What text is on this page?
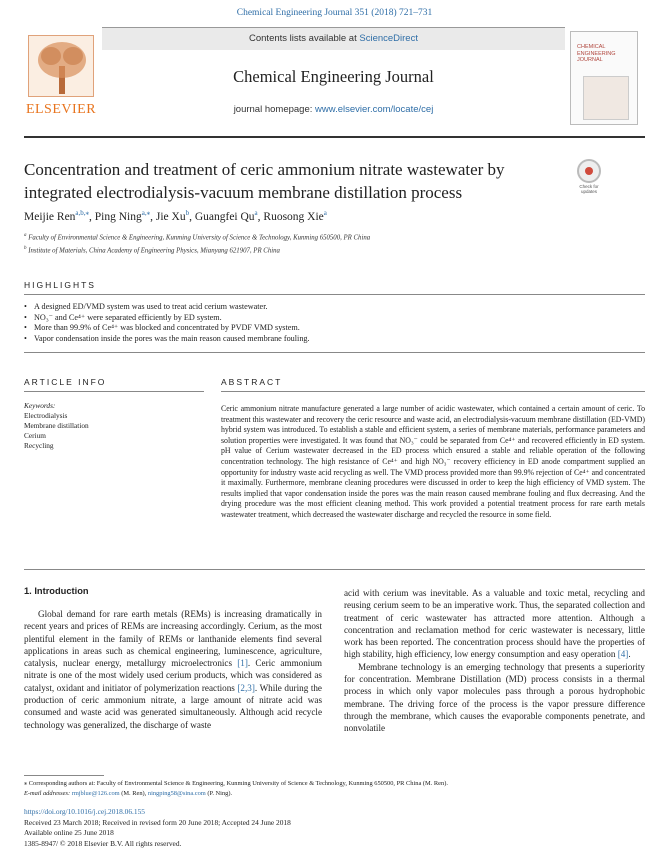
Chemical Engineering Journal 351 (2018) 721–731
ELSEVIER
Contents lists available at ScienceDirect
Chemical Engineering Journal
journal homepage: www.elsevier.com/locate/cej
CHEMICAL ENGINEERING JOURNAL
Concentration and treatment of ceric ammonium nitrate wastewater by integrated electrodialysis-vacuum membrane distillation process	Check for updates
Meijie Ren$^{a,b,⁎}$, Ping Ning$^{a,⁎}$, Jie Xu$^b$, Guangfei Qu$^a$, Ruosong Xie$^a$
$^a$ Faculty of Environmental Science & Engineering, Kunming University of Science & Technology, Kunming 650500, PR China
$^b$ Institute of Materials, China Academy of Engineering Physics, Mianyang 621907, PR China
HIGHLIGHTS
• A designed ED/VMD system was used to treat acid cerium wastewater.
• NO₃⁻ and Ce⁴⁺ were separated efficiently by ED system.
• More than 99.9% of Ce⁴⁺ was blocked and concentrated by PVDF VMD system.
• Vapor condensation inside the pores was the main reason caused membrane fouling.
ARTICLE INFO
Keywords:
Electrodialysis
Membrane distillation
Cerium
Recycling
ABSTRACT
Ceric ammonium nitrate manufacture generated a large number of acidic wastewater, which contained a certain amount of ceric. To treatment this wastewater and recovery the ceric resource and waste acid, an electrodialysis-vacuum membrane distillation (ED-VMD) hybrid system was introduced. To establish a stable and efficient system, a series of membrane materials, performance parameters and solution properties were investigated. It was found that NO₃⁻ could be separated from Ce⁴⁺ and recovered efficiently in ED system. pH value of Cerium wastewater decreased in the ED process which ensured a stable and reliable operation of the following concentration technology. The high resistance of Ce⁴⁺ and high NO₃⁻ recovery efficiency in ED anode compartment supplied an opportunity for industry waste acid recycling as well. The VMD process provided more than 99.9% rejection of Ce⁴⁺ and concentrated it maximally. Furthermore, membrane cleaning procedures were discussed in order to keep the high efficiency of VMD system. The results implied that vapor condensation inside the pores was the main reason caused membrane fouling and flux decreasing. And the drying procedure was the most efficient cleaning method. This work provided a potential treatment process for rare earth metals wastewater treatment, which decreased the wastewater discharge and recycled the resource in some field.
1. Introduction

Global demand for rare earth metals (REMs) is increasing dramatically in recent years and prices of REMs are increasing accordingly. Cerium, as the most plentiful element in the family of REMs or lanthanide elements find several applications in areas such as chemical engineering, luminescence, agriculture, catalysis, nuclear energy, metallurgy microelectronics [1]. Ceric ammonium nitrate is one of the most widely used cerium products, which was considered as catalyst, oxidant and initiator of polymerization reactions [2,3]. While during the production of ceric ammonium nitrate, a large amount of nitrate acid was consumed and waste acid was generated simultaneously. Although acid recycle technology was generalized, the discharge of waste

acid with cerium was inevitable. As a valuable and toxic metal, recycling and reusing cerium seem to be an imperative work. Thus, the separated collection and treatment of ceric wastewater has attracted more attention. Although a concentration and reclamation method for ceric wastewater is necessary, little work has been reported. The concentration process should have the properties of high stability, high efficiency, low energy consumption and easy operation [4].

Membrane technology is an emerging technology that presents a superiority for concentration. Membrane Distillation (MD) process consists in a thermal process in which only vapor molecules pass through a porous hydrophobic membrane. The driving force of the process is the vapor pressure difference through the membrane, which causes the evaporable components penetrate, and nonvolatile

⁎ Corresponding authors at: Faculty of Environmental Science & Engineering, Kunming University of Science & Technology, Kunming 650500, PR China (M. Ren).
E-mail addresses: rmjblue@126.com (M. Ren), ningping58@sina.com (P. Ning).
https://doi.org/10.1016/j.cej.2018.06.155
Received 23 March 2018; Received in revised form 20 June 2018; Accepted 24 June 2018
Available online 25 June 2018
1385-8947/ © 2018 Elsevier B.V. All rights reserved.
